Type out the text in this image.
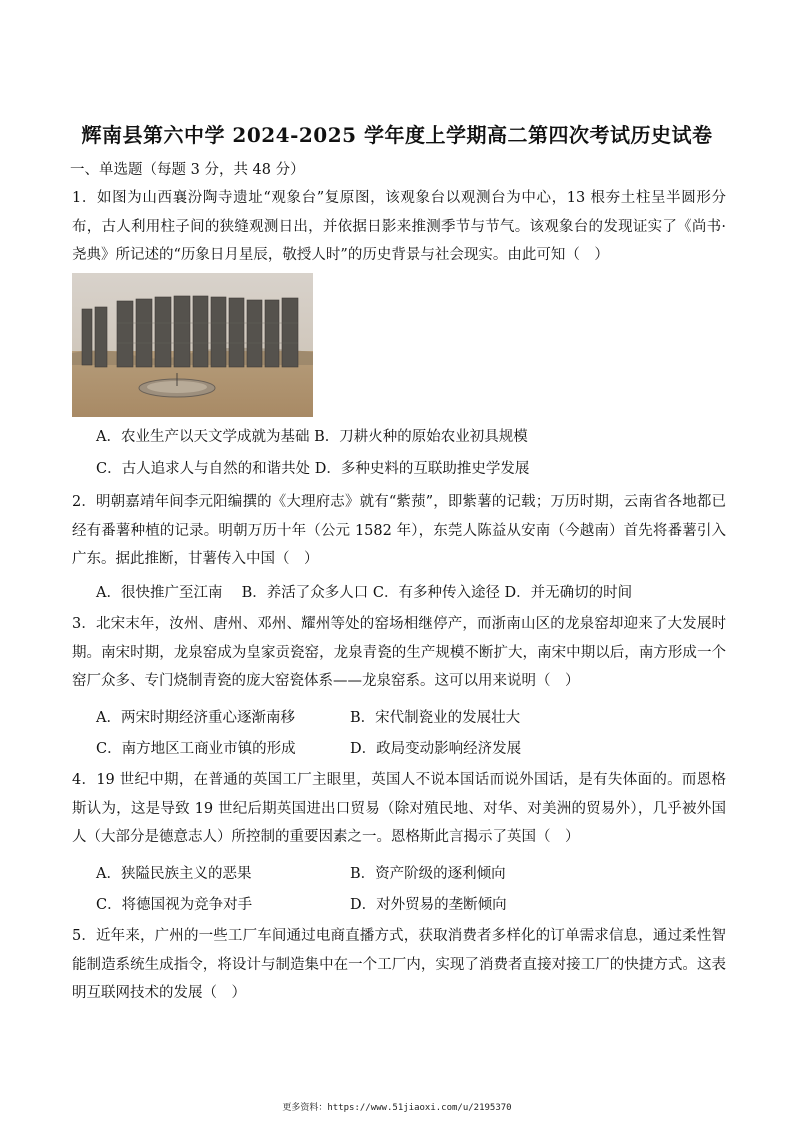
辉南县第六中学 2024-2025 学年度上学期高二第四次考试历史试卷
一、单选题（每题 3 分，共 48 分）

1．如图为山西襄汾陶寺遗址“观象台”复原图，该观象台以观测台为中心，13 根夯土柱呈半圆形分布，古人利用柱子间的狭缝观测日出，并依据日影来推测季节与节气。该观象台的发现证实了《尚书·尧典》所记述的“历象日月星辰，敬授人时”的历史背景与社会现实。由此可知（　）

A．农业生产以天文学成就为基础 B．刀耕火种的原始农业初具规模
C．古人追求人与自然的和谐共处 D．多种史料的互联助推史学发展

2．明朝嘉靖年间李元阳编撰的《大理府志》就有“紫蓣”，即紫薯的记载；万历时期，云南省各地都已经有番薯种植的记录。明朝万历十年（公元 1582 年），东莞人陈益从安南（今越南）首先将番薯引入广东。据此推断，甘薯传入中国（　）

A．很快推广至江南　 B．养活了众多人口 C．有多种传入途径 D．并无确切的时间

3．北宋末年，汝州、唐州、邓州、耀州等处的窑场相继停产，而浙南山区的龙泉窑却迎来了大发展时期。南宋时期，龙泉窑成为皇家贡瓷窑，龙泉青瓷的生产规模不断扩大，南宋中期以后，南方形成一个窑厂众多、专门烧制青瓷的庞大窑瓷体系——龙泉窑系。这可以用来说明（　）

A．两宋时期经济重心逐渐南移	B．宋代制瓷业的发展壮大
C．南方地区工商业市镇的形成	D．政局变动影响经济发展

4．19 世纪中期，在普通的英国工厂主眼里，英国人不说本国话而说外国话，是有失体面的。而恩格斯认为，这是导致 19 世纪后期英国进出口贸易（除对殖民地、对华、对美洲的贸易外），几乎被外国人（大部分是德意志人）所控制的重要因素之一。恩格斯此言揭示了英国（　）

A．狭隘民族主义的恶果	B．资产阶级的逐利倾向
C．将德国视为竞争对手	D．对外贸易的垄断倾向

5．近年来，广州的一些工厂车间通过电商直播方式，获取消费者多样化的订单需求信息，通过柔性智能制造系统生成指令，将设计与制造集中在一个工厂内，实现了消费者直接对接工厂的快捷方式。这表明互联网技术的发展（　）

更多资料：https://www.51jiaoxi.com/u/2195370
